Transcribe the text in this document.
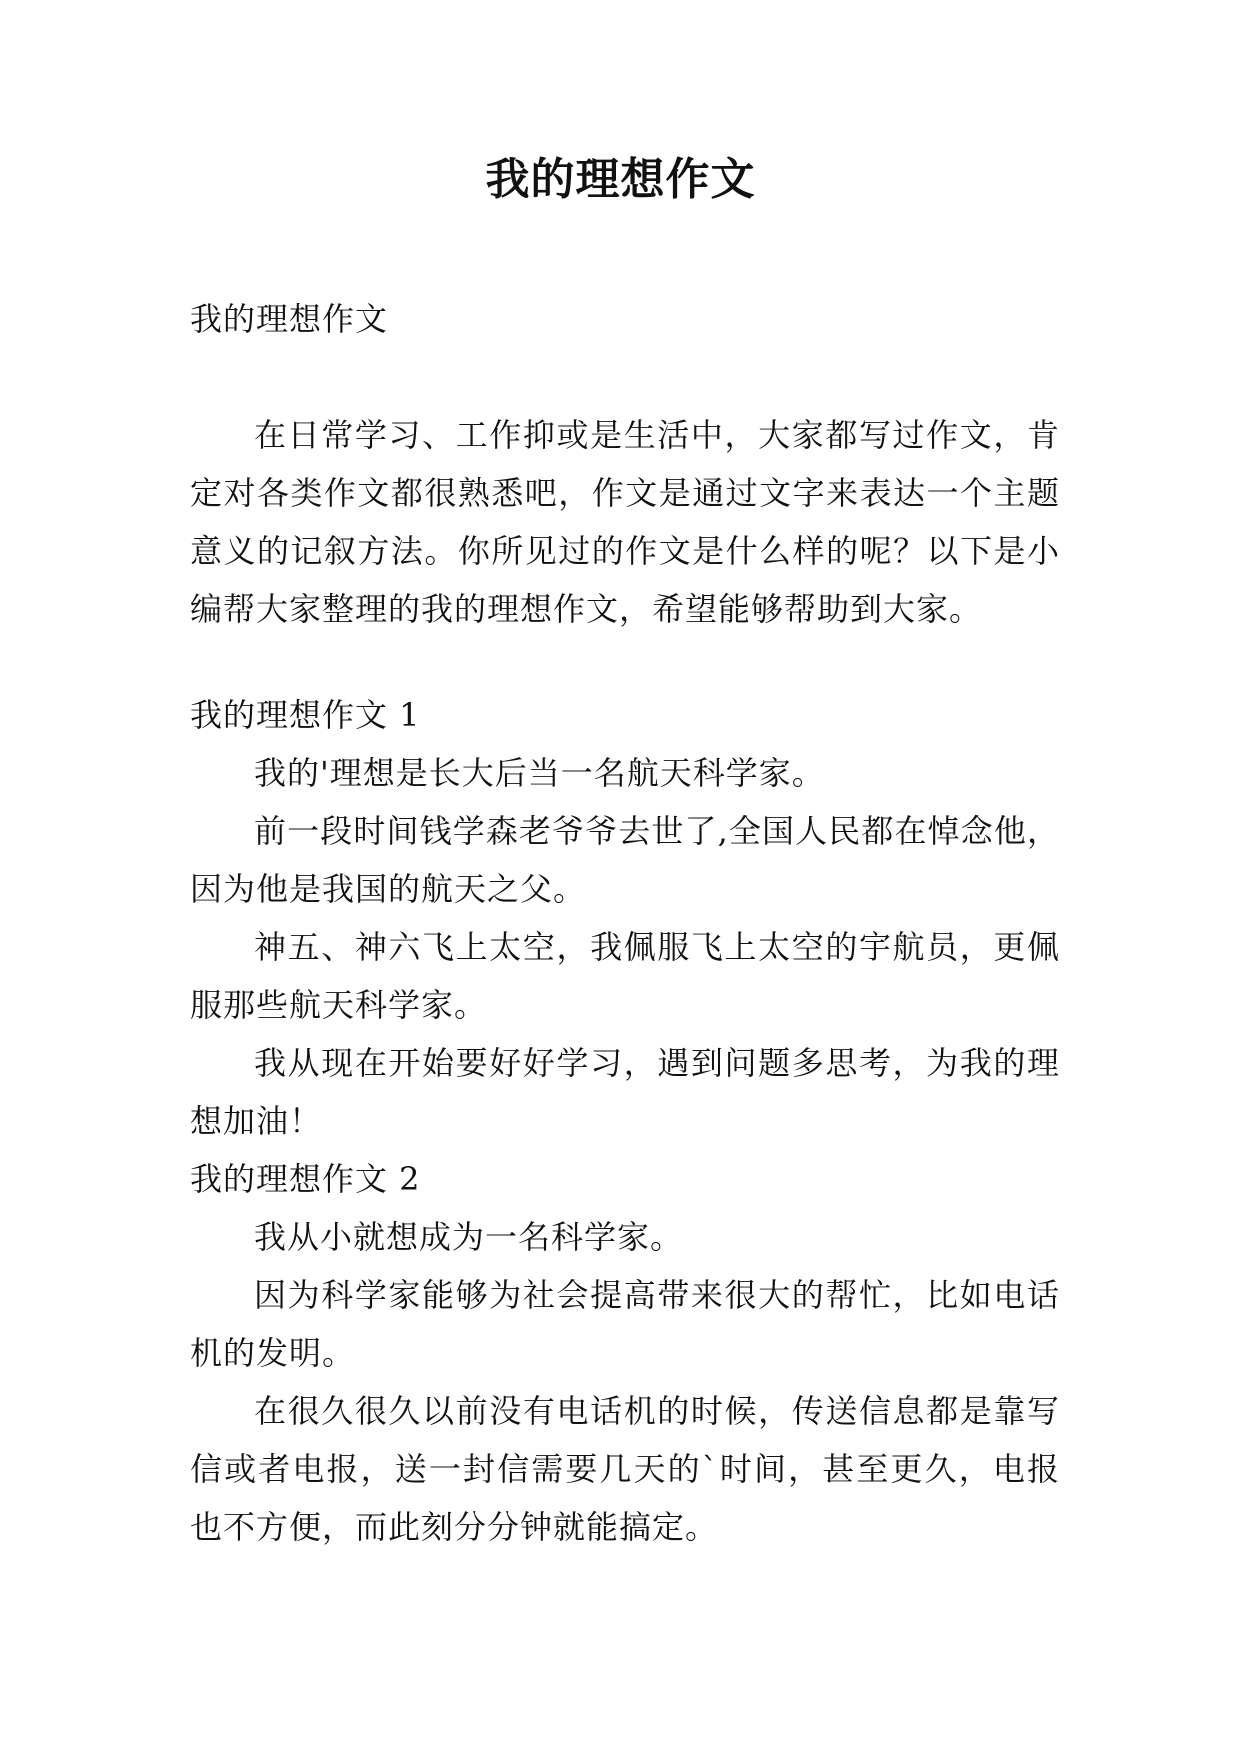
我的理想作文

我的理想作文

在日常学习、工作抑或是生活中，大家都写过作文，肯定对各类作文都很熟悉吧，作文是通过文字来表达一个主题意义的记叙方法。你所见过的作文是什么样的呢？以下是小编帮大家整理的我的理想作文，希望能够帮助到大家。

我的理想作文 1

我的'理想是长大后当一名航天科学家。

前一段时间钱学森老爷爷去世了,全国人民都在悼念他，因为他是我国的航天之父。

神五、神六飞上太空，我佩服飞上太空的宇航员，更佩服那些航天科学家。

我从现在开始要好好学习，遇到问题多思考，为我的理想加油！

我的理想作文 2

我从小就想成为一名科学家。

因为科学家能够为社会提高带来很大的帮忙，比如电话机的发明。

在很久很久以前没有电话机的时候，传送信息都是靠写信或者电报，送一封信需要几天的`时间，甚至更久，电报也不方便，而此刻分分钟就能搞定。
